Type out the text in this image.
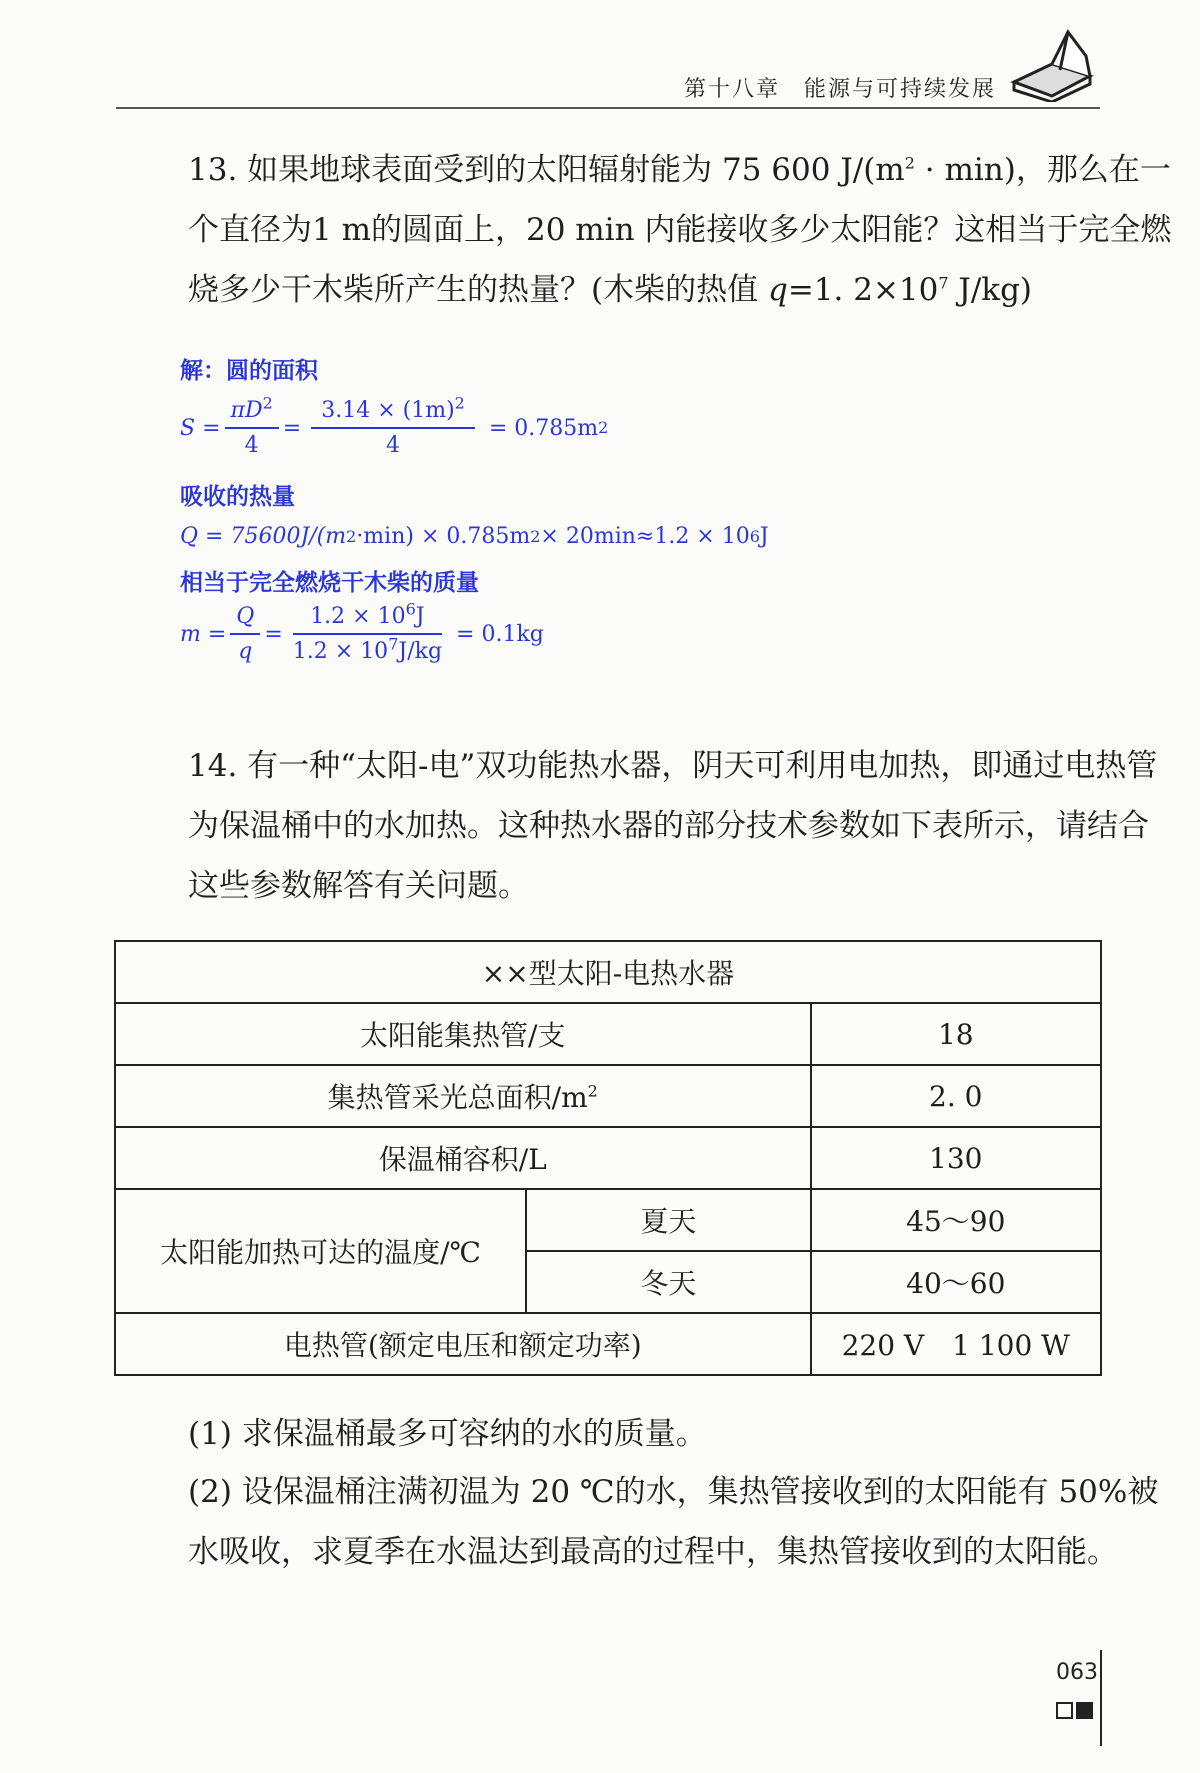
第十八章　能源与可持续发展

13. 如果地球表面受到的太阳辐射能为 75 600 $J/(m^2 \cdot \min)$，那么在一个直径为1 m的圆面上，20 min 内能接收多少太阳能？这相当于完全燃烧多少干木柴所产生的热量？(木柴的热值 q=1. $2\times 10^7$ J/kg)

解：圆的面积
$S = \frac{\pi D^2}{4} = \frac{3.14 \times (1m)^2}{4} = 0.785m$ 2
吸收的热量
Q = 75600J/(m 2 ·min) × 0.785m 2 × 20min≈1.2 × 10 6 J
相当于完全燃烧干木柴的质量
$m = \frac{Q}{q} = \frac{1.2 \times 10^6J}{1.2 \times 10^7J/kg} = 0.1kg$

14. 有一种“太阳-电”双功能热水器，阴天可利用电加热，即通过电热管为保温桶中的水加热。这种热水器的部分技术参数如下表所示，请结合这些参数解答有关问题。

××型太阳-电热水器		
太阳能集热管/支		18
集热管采光总面积$/m^2$		2. 0
保温桶容积/L		130
太阳能加热可达的温度/℃	夏天	45～90
	冬天	40～60
电热管(额定电压和额定功率)		220 V　1 100 W

(1) 求保温桶最多可容纳的水的质量。

(2) 设保温桶注满初温为 20 ℃的水，集热管接收到的太阳能有 50%被水吸收，求夏季在水温达到最高的过程中，集热管接收到的太阳能。

063
